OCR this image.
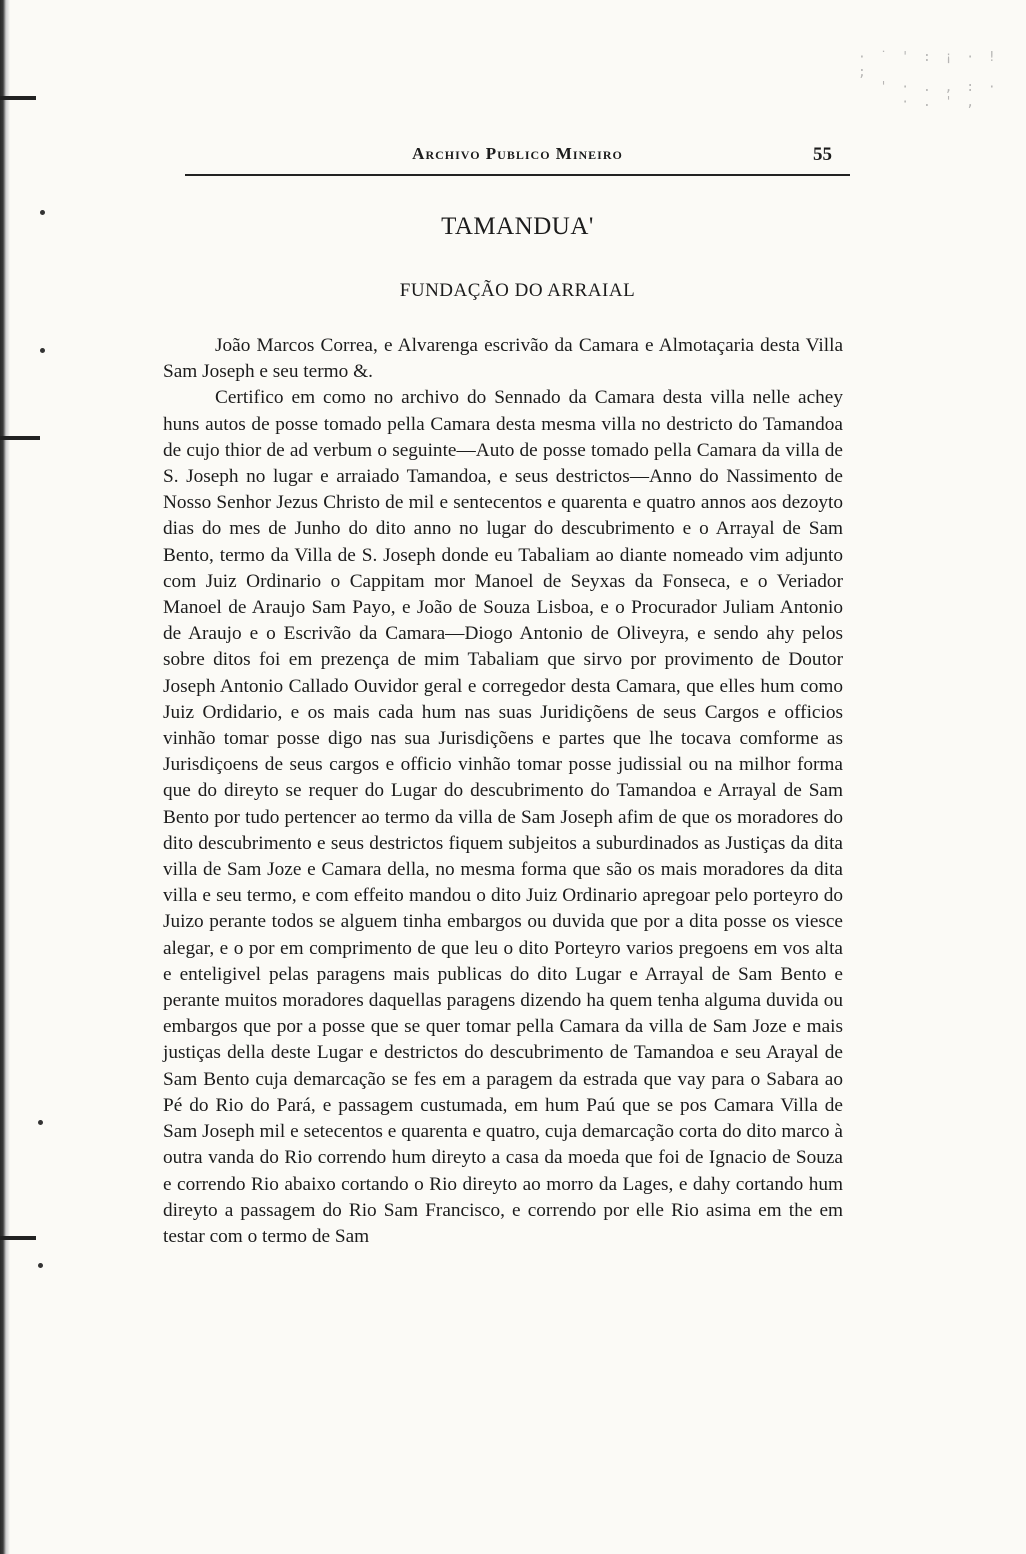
· ˙ ' : ¡ · ! ;
' · . , : ·
· . ' ,
Archivo Publico Mineiro	55
TAMANDUA'
FUNDAÇÃO DO ARRAIAL

João Marcos Correa, e Alvarenga escrivão da Camara e Almotaçaria desta Villa Sam Joseph e seu termo &.

Certifico em como no archivo do Sennado da Camara desta villa nelle achey huns autos de posse tomado pella Camara desta mesma villa no destricto do Tamandoa de cujo thior de ad verbum o seguinte—Auto de posse tomado pella Camara da villa de S. Joseph no lugar e arraiado Tamandoa, e seus destrictos—Anno do Nassimento de Nosso Senhor Jezus Christo de mil e sentecentos e quarenta e quatro annos aos dezoyto dias do mes de Junho do dito anno no lugar do descubrimento e o Arrayal de Sam Bento, termo da Villa de S. Joseph donde eu Tabaliam ao diante nomeado vim adjunto com Juiz Ordinario o Cappitam mor Manoel de Seyxas da Fonseca, e o Veriador Manoel de Araujo Sam Payo, e João de Souza Lisboa, e o Procurador Juliam Antonio de Araujo e o Escrivão da Camara—Diogo Antonio de Oliveyra, e sendo ahy pelos sobre ditos foi em prezença de mim Tabaliam que sirvo por provimento de Doutor Joseph Antonio Callado Ouvidor geral e corregedor desta Camara, que elles hum como Juiz Ordidario, e os mais cada hum nas suas Juridiçõens de seus Cargos e officios vinhão tomar posse digo nas sua Jurisdiçõens e partes que lhe tocava comforme as Jurisdiçoens de seus cargos e officio vinhão tomar posse judissial ou na milhor forma que do direyto se requer do Lugar do descubrimento do Tamandoa e Arrayal de Sam Bento por tudo pertencer ao termo da villa de Sam Joseph afim de que os moradores do dito descubrimento e seus destrictos fiquem subjeitos a suburdinados as Justiças da dita villa de Sam Joze e Camara della, no mesma forma que são os mais moradores da dita villa e seu termo, e com effeito mandou o dito Juiz Ordinario apregoar pelo porteyro do Juizo perante todos se alguem tinha embargos ou duvida que por a dita posse os viesce alegar, e o por em comprimento de que leu o dito Porteyro varios pregoens em vos alta e enteligivel pelas paragens mais publicas do dito Lugar e Arrayal de Sam Bento e perante muitos moradores daquellas paragens dizendo ha quem tenha alguma duvida ou embargos que por a posse que se quer tomar pella Camara da villa de Sam Joze e mais justiças della deste Lugar e destrictos do descubrimento de Tamandoa e seu Arayal de Sam Bento cuja demarcação se fes em a paragem da estrada que vay para o Sabara ao Pé do Rio do Pará, e passagem custumada, em hum Paú que se pos Camara Villa de Sam Joseph mil e setecentos e quarenta e quatro, cuja demarcação corta do dito marco à outra vanda do Rio correndo hum direyto a casa da moeda que foi de Ignacio de Souza e correndo Rio abaixo cortando o Rio direyto ao morro da Lages, e dahy cortando hum direyto a passagem do Rio Sam Francisco, e correndo por elle Rio asima em the em testar com o termo de Sam
